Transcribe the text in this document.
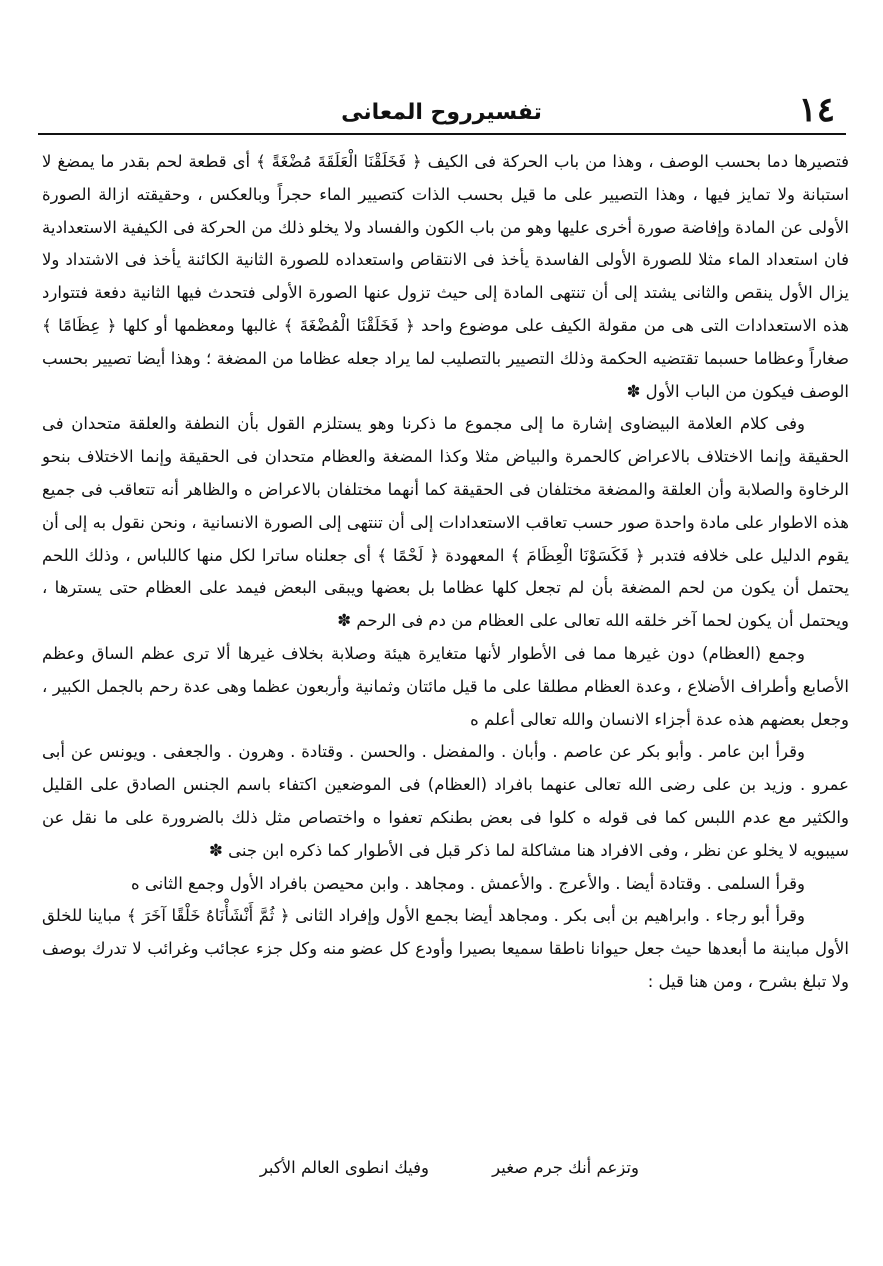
تفسيرروح المعانى	١٤

فتصيرها دما بحسب الوصف ، وهذا من باب الحركة فى الكيف ﴿ فَخَلَقْنَا الْعَلَقَةَ مُضْغَةً ﴾ أى قطعة لحم بقدر ما يمضغ لا استبانة ولا تمايز فيها ، وهذا التصيير على ما قيل بحسب الذات كتصيير الماء حجراً وبالعكس ، وحقيقته ازالة الصورة الأولى عن المادة وإفاضة صورة أخرى عليها وهو من باب الكون والفساد ولا يخلو ذلك من الحركة فى الكيفية الاستعدادية فان استعداد الماء مثلا للصورة الأولى الفاسدة يأخذ فى الانتقاص واستعداده للصورة الثانية الكائنة يأخذ فى الاشتداد ولا يزال الأول ينقص والثانى يشتد إلى أن تنتهى المادة إلى حيث تزول عنها الصورة الأولى فتحدث فيها الثانية دفعة فتتوارد هذه الاستعدادات التى هى من مقولة الكيف على موضوع واحد ﴿ فَخَلَقْنَا الْمُضْغَةَ ﴾ غالبها ومعظمها أو كلها ﴿ عِظَامًا ﴾ صغاراً وعظاما حسبما تقتضيه الحكمة وذلك التصيير بالتصليب لما يراد جعله عظاما من المضغة ؛ وهذا أيضا تصيير بحسب الوصف فيكون من الباب الأول ✽

وفى كلام العلامة البيضاوى إشارة ما إلى مجموع ما ذكرنا وهو يستلزم القول بأن النطفة والعلقة متحدان فى الحقيقة وإنما الاختلاف بالاعراض كالحمرة والبياض مثلا وكذا المضغة والعظام متحدان فى الحقيقة وإنما الاختلاف بنحو الرخاوة والصلابة وأن العلقة والمضغة مختلفان فى الحقيقة كما أنهما مختلفان بالاعراض ه والظاهر أنه تتعاقب فى جميع هذه الاطوار على مادة واحدة صور حسب تعاقب الاستعدادات إلى أن تنتهى إلى الصورة الانسانية ، ونحن نقول به إلى أن يقوم الدليل على خلافه فتدبر ﴿ فَكَسَوْنَا الْعِظَامَ ﴾ المعهودة ﴿ لَحْمًا ﴾ أى جعلناه ساترا لكل منها كاللباس ، وذلك اللحم يحتمل أن يكون من لحم المضغة بأن لم تجعل كلها عظاما بل بعضها ويبقى البعض فيمد على العظام حتى يسترها ، ويحتمل أن يكون لحما آخر خلقه الله تعالى على العظام من دم فى الرحم ✽

وجمع (العظام) دون غيرها مما فى الأطوار لأنها متغايرة هيئة وصلابة بخلاف غيرها ألا ترى عظم الساق وعظم الأصابع وأطراف الأضلاع ، وعدة العظام مطلقا على ما قيل مائتان وثمانية وأربعون عظما وهى عدة رحم بالجمل الكبير ، وجعل بعضهم هذه عدة أجزاء الانسان والله تعالى أعلم ه

وقرأ ابن عامر . وأبو بكر عن عاصم . وأبان . والمفضل . والحسن . وقتادة . وهرون . والجعفى . ويونس عن أبى عمرو . وزيد بن على رضى الله تعالى عنهما بافراد (العظام) فى الموضعين اكتفاء باسم الجنس الصادق على القليل والكثير مع عدم اللبس كما فى قوله ه كلوا فى بعض بطنكم تعفوا ه واختصاص مثل ذلك بالضرورة على ما نقل عن سيبويه لا يخلو عن نظر ، وفى الافراد هنا مشاكلة لما ذكر قبل فى الأطوار كما ذكره ابن جنى ✽

وقرأ السلمى . وقتادة أيضا . والأعرج . والأعمش . ومجاهد . وابن محيصن بافراد الأول وجمع الثانى ه

وقرأ أبو رجاء . وابراهيم بن أبى بكر . ومجاهد أيضا بجمع الأول وإفراد الثانى ﴿ ثُمَّ أَنْشَأْنَاهُ خَلْقًا آخَرَ ﴾ مباينا للخلق الأول مباينة ما أبعدها حيث جعل حيوانا ناطقا سميعا بصيرا وأودع كل عضو منه وكل جزء عجائب وغرائب لا تدرك بوصف ولا تبلغ بشرح ، ومن هنا قيل :

وتزعم أنك جرم صغير
وفيك انطوى العالم الأكبر
